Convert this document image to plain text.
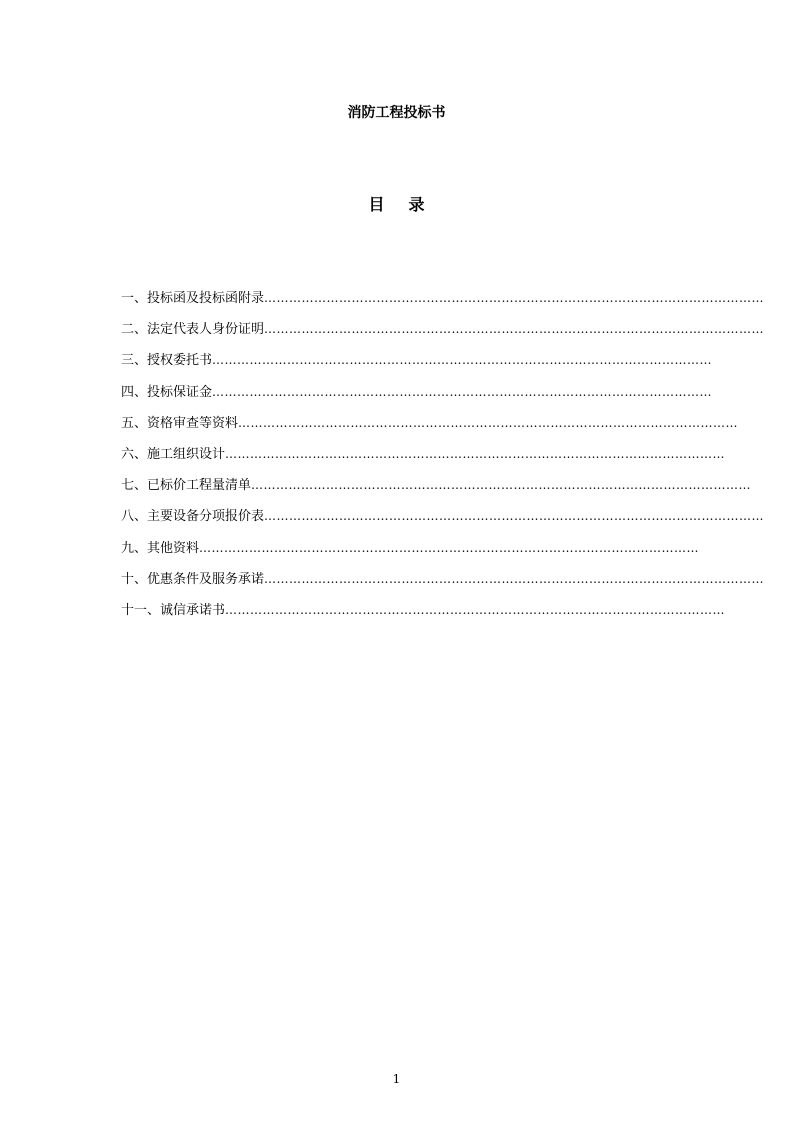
消防工程投标书
目录
一、投标函及投标函附录 …………………………………………………………………………………………………………
二、法定代表人身份证明 …………………………………………………………………………………………………………
三、授权委托书 …………………………………………………………………………………………………………
四、投标保证金 …………………………………………………………………………………………………………
五、资格审查等资料 …………………………………………………………………………………………………………
六、施工组织设计 …………………………………………………………………………………………………………
七、已标价工程量清单 …………………………………………………………………………………………………………
八、主要设备分项报价表 …………………………………………………………………………………………………………
九、其他资料 …………………………………………………………………………………………………………
十、优惠条件及服务承诺 …………………………………………………………………………………………………………
十一、诚信承诺书 …………………………………………………………………………………………………………
1
